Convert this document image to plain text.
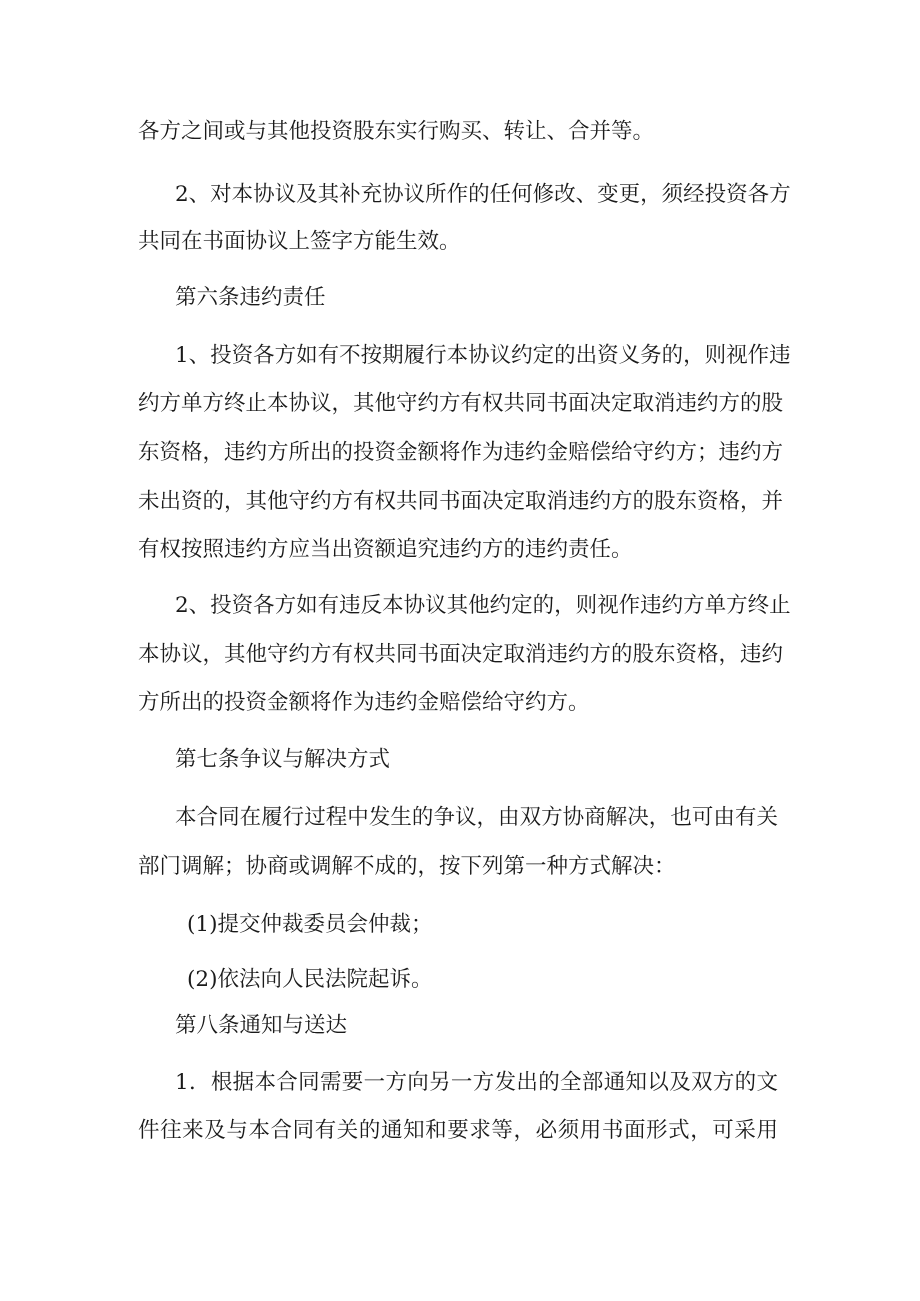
各方之间或与其他投资股东实行购买、转让、合并等。
2、对本协议及其补充协议所作的任何修改、变更，须经投资各方
共同在书面协议上签字方能生效。
第六条违约责任
1、投资各方如有不按期履行本协议约定的出资义务的，则视作违
约方单方终止本协议，其他守约方有权共同书面决定取消违约方的股
东资格，违约方所出的投资金额将作为违约金赔偿给守约方；违约方
未出资的，其他守约方有权共同书面决定取消违约方的股东资格，并
有权按照违约方应当出资额追究违约方的违约责任。
2、投资各方如有违反本协议其他约定的，则视作违约方单方终止
本协议，其他守约方有权共同书面决定取消违约方的股东资格，违约
方所出的投资金额将作为违约金赔偿给守约方。
第七条争议与解决方式
本合同在履行过程中发生的争议，由双方协商解决，也可由有关
部门调解；协商或调解不成的，按下列第一种方式解决：
(1)提交仲裁委员会仲裁；
(2)依法向人民法院起诉。
第八条通知与送达
1．根据本合同需要一方向另一方发出的全部通知以及双方的文
件往来及与本合同有关的通知和要求等，必须用书面形式，可采用
